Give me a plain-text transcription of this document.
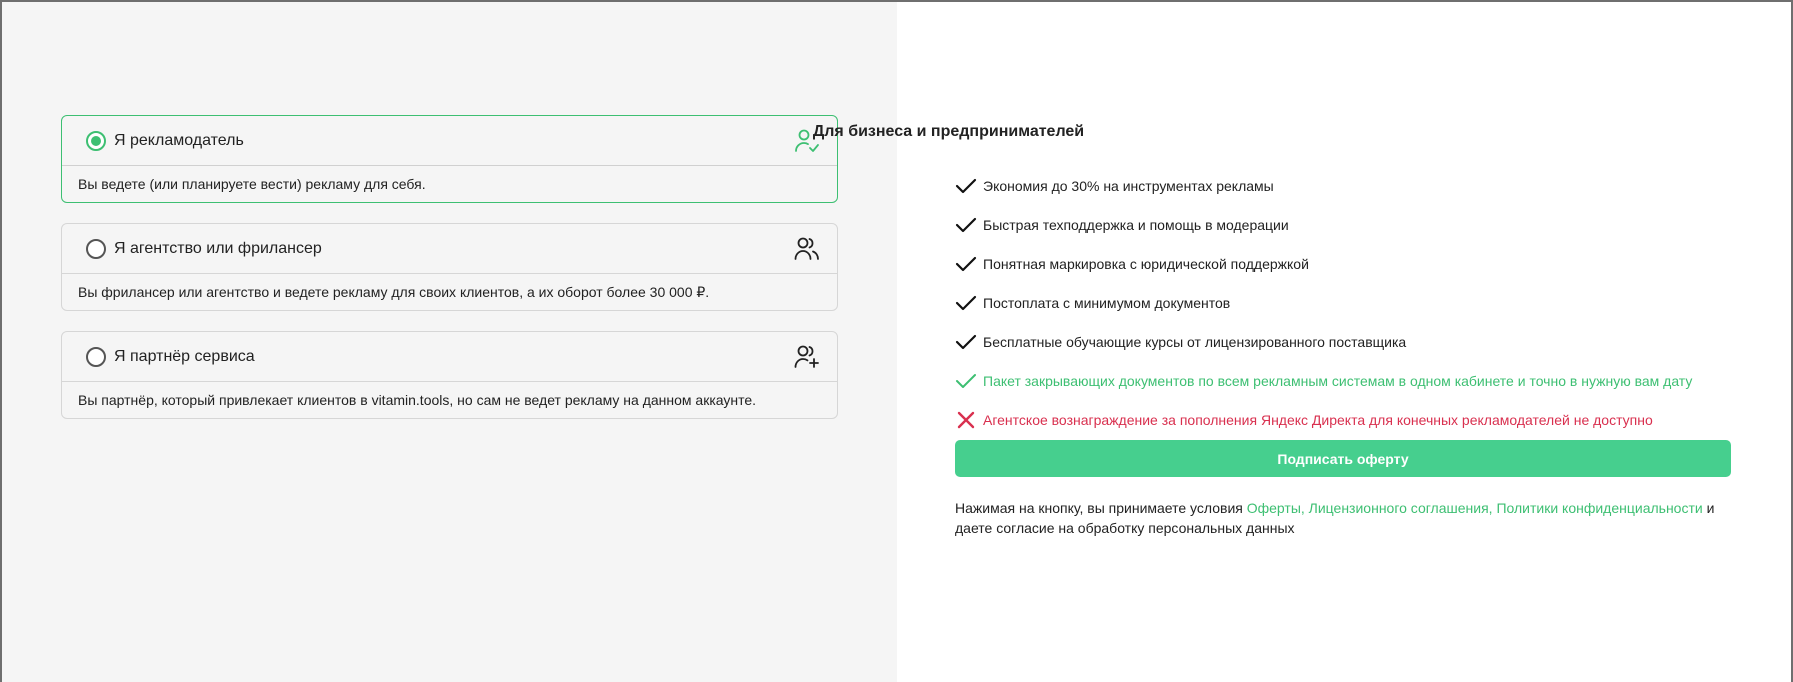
Я рекламодатель
Вы ведете (или планируете вести) рекламу для себя.
Я агентство или фрилансер
Вы фрилансер или агентство и ведете рекламу для своих клиентов, а их оборот более 30 000 ₽.
Я партнёр сервиса
Вы партнёр, который привлекает клиентов в vitamin.tools, но сам не ведет рекламу на данном аккаунте.
Для бизнеса и предпринимателей
Экономия до 30% на инструментах рекламы
Быстрая техподдержка и помощь в модерации
Понятная маркировка с юридической поддержкой
Постоплата с минимумом документов
Бесплатные обучающие курсы от лицензированного поставщика
Пакет закрывающих документов по всем рекламным системам в одном кабинете и точно в нужную вам дату
Агентское вознаграждение за пополнения Яндекс Директа для конечных рекламодателей не доступно
Подписать оферту
Нажимая на кнопку, вы принимаете условия Оферты, Лицензионного соглашения, Политики конфиденциальности и даете согласие на обработку персональных данных
